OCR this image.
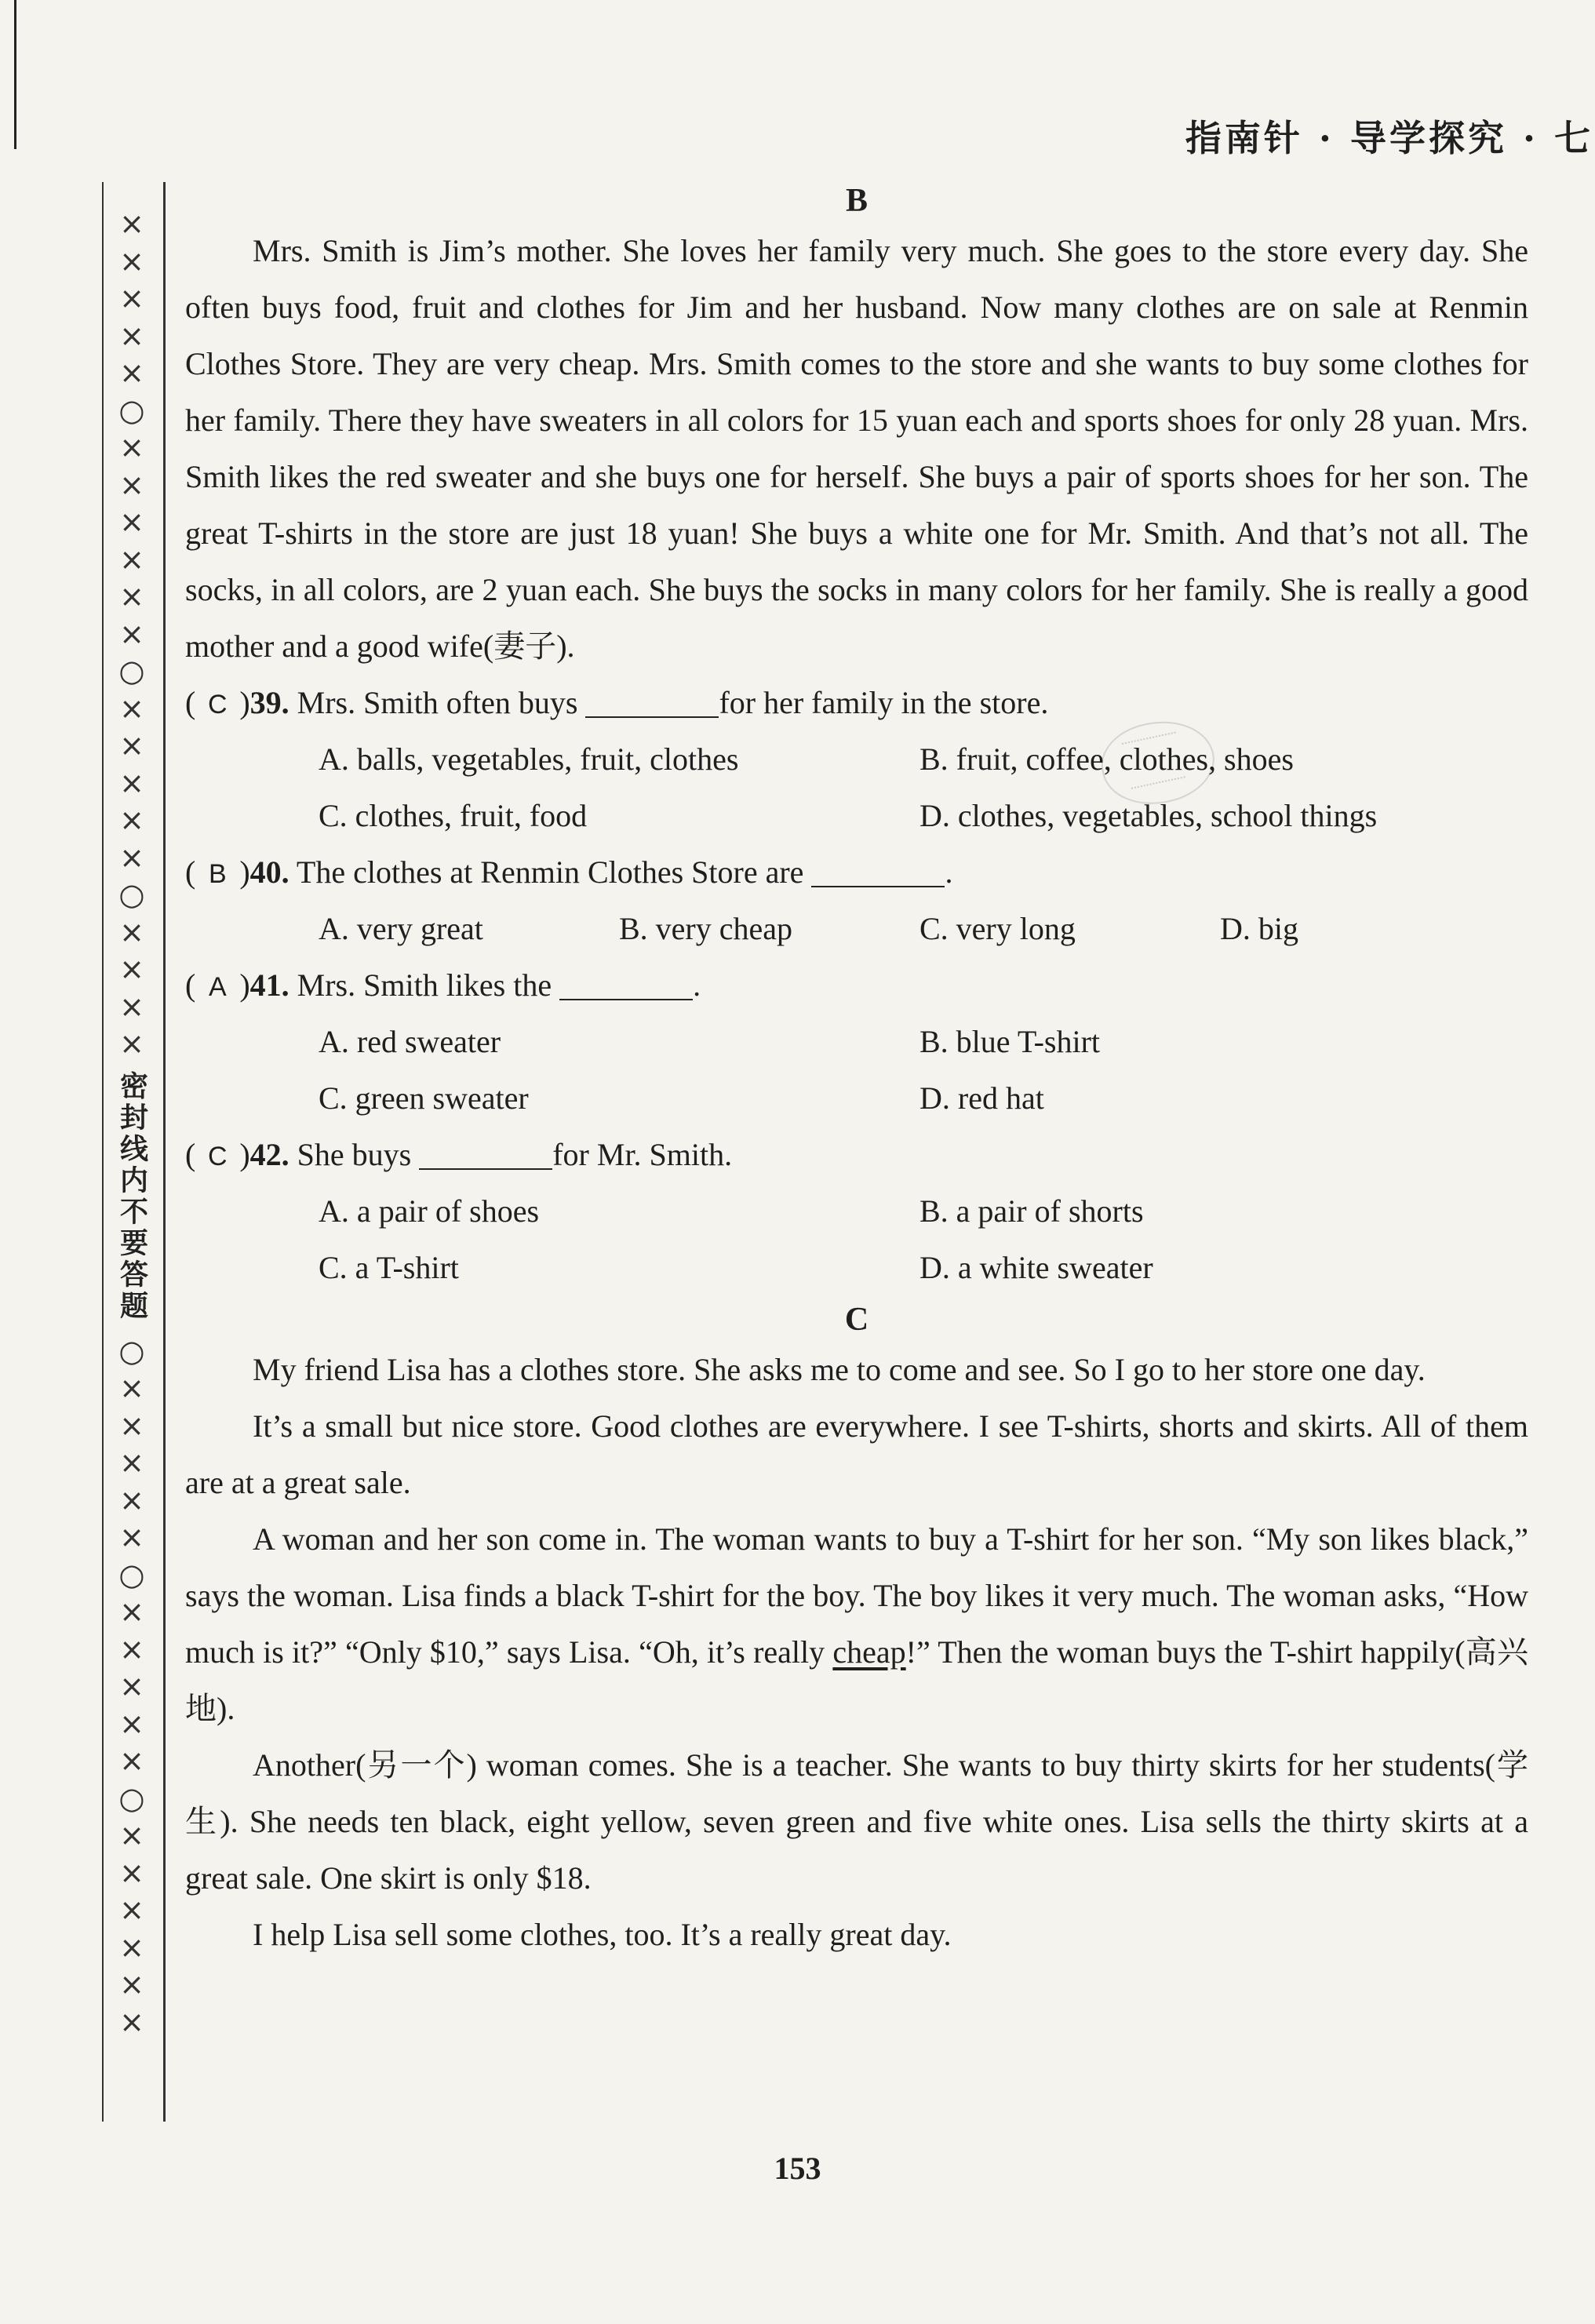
指南针 · 导学探究 · 七
×
×
×
×
×
○
×
×
×
×
×
×
○
×
×
×
×
×
○
×
×
×
×
密封线内不要答题
○
×
×
×
×
×
○
×
×
×
×
×
○
×
×
×
×
×
×
B

Mrs. Smith is Jim’s mother. She loves her family very much. She goes to the store every day. She often buys food, fruit and clothes for Jim and her husband. Now many clothes are on sale at Renmin Clothes Store. They are very cheap. Mrs. Smith comes to the store and she wants to buy some clothes for her family. There they have sweaters in all colors for 15 yuan each and sports shoes for only 28 yuan. Mrs. Smith likes the red sweater and she buys one for herself. She buys a pair of sports shoes for her son. The great T-shirts in the store are just 18 yuan! She buys a white one for Mr. Smith. And that’s not all. The socks, in all colors, are 2 yuan each. She buys the socks in many colors for her family. She is really a good mother and a good wife(妻子).

( C )39. Mrs. Smith often buys	for her family in the store.
A. balls, vegetables, fruit, clothes	B. fruit, coffee, clothes, shoes
C. clothes, fruit, food	D. clothes, vegetables, school things
( B )40. The clothes at Renmin Clothes Store are	.
A. very great	B. very cheap	C. very long	D. big
( A )41. Mrs. Smith likes the	.
A. red sweater	B. blue T-shirt
C. green sweater	D. red hat
( C )42. She buys	for Mr. Smith.
A. a pair of shoes	B. a pair of shorts
C. a T-shirt	D. a white sweater
C

My friend Lisa has a clothes store. She asks me to come and see. So I go to her store one day.

It’s a small but nice store. Good clothes are everywhere. I see T-shirts, shorts and skirts. All of them are at a great sale.

A woman and her son come in. The woman wants to buy a T-shirt for her son. “My son likes black,” says the woman. Lisa finds a black T-shirt for the boy. The boy likes it very much. The woman asks, “How much is it?” “Only $10,” says Lisa. “Oh, it’s really cheap!” Then the woman buys the T-shirt happily(高兴地).

Another(另一个) woman comes. She is a teacher. She wants to buy thirty skirts for her students(学生). She needs ten black, eight yellow, seven green and five white ones. Lisa sells the thirty skirts at a great sale. One skirt is only $18.

I help Lisa sell some clothes, too. It’s a really great day.

153
